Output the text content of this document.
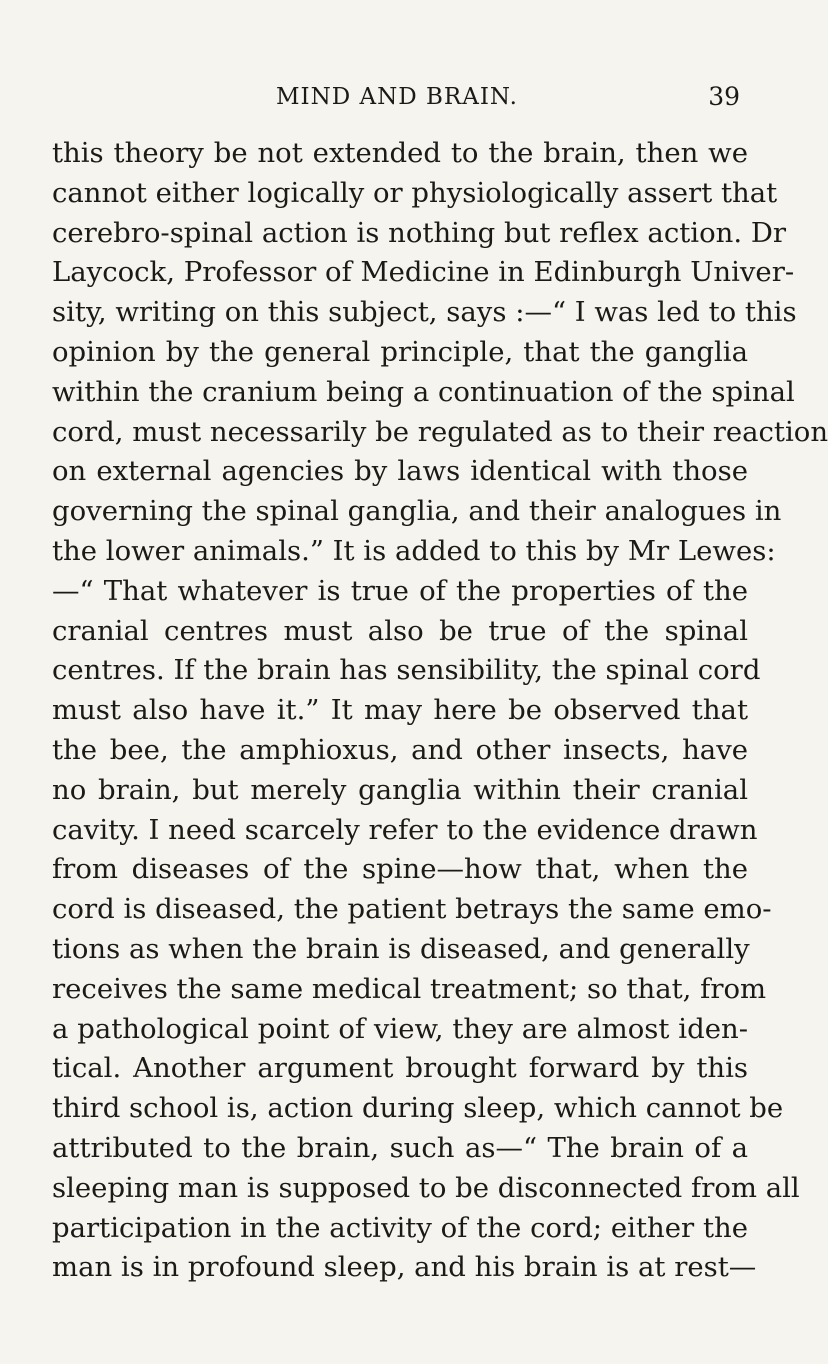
MIND AND BRAIN.	39
this theory be not extended to the brain, then we
cannot either logically or physiologically assert that
cerebro-spinal action is nothing but reflex action. Dr
Laycock, Professor of Medicine in Edinburgh Univer-
sity, writing on this subject, says :—“ I was led to this
opinion by the general principle, that the ganglia
within the cranium being a continuation of the spinal
cord, must necessarily be regulated as to their reaction
on external agencies by laws identical with those
governing the spinal ganglia, and their analogues in
the lower animals.” It is added to this by Mr Lewes:
—“ That whatever is true of the properties of the
cranial centres must also be true of the spinal
centres. If the brain has sensibility, the spinal cord
must also have it.” It may here be observed that
the bee, the amphioxus, and other insects, have
no brain, but merely ganglia within their cranial
cavity. I need scarcely refer to the evidence drawn
from diseases of the spine—how that, when the
cord is diseased, the patient betrays the same emo-
tions as when the brain is diseased, and generally
receives the same medical treatment; so that, from
a pathological point of view, they are almost iden-
tical. Another argument brought forward by this
third school is, action during sleep, which cannot be
attributed to the brain, such as—“ The brain of a
sleeping man is supposed to be disconnected from all
participation in the activity of the cord; either the
man is in profound sleep, and his brain is at rest—
